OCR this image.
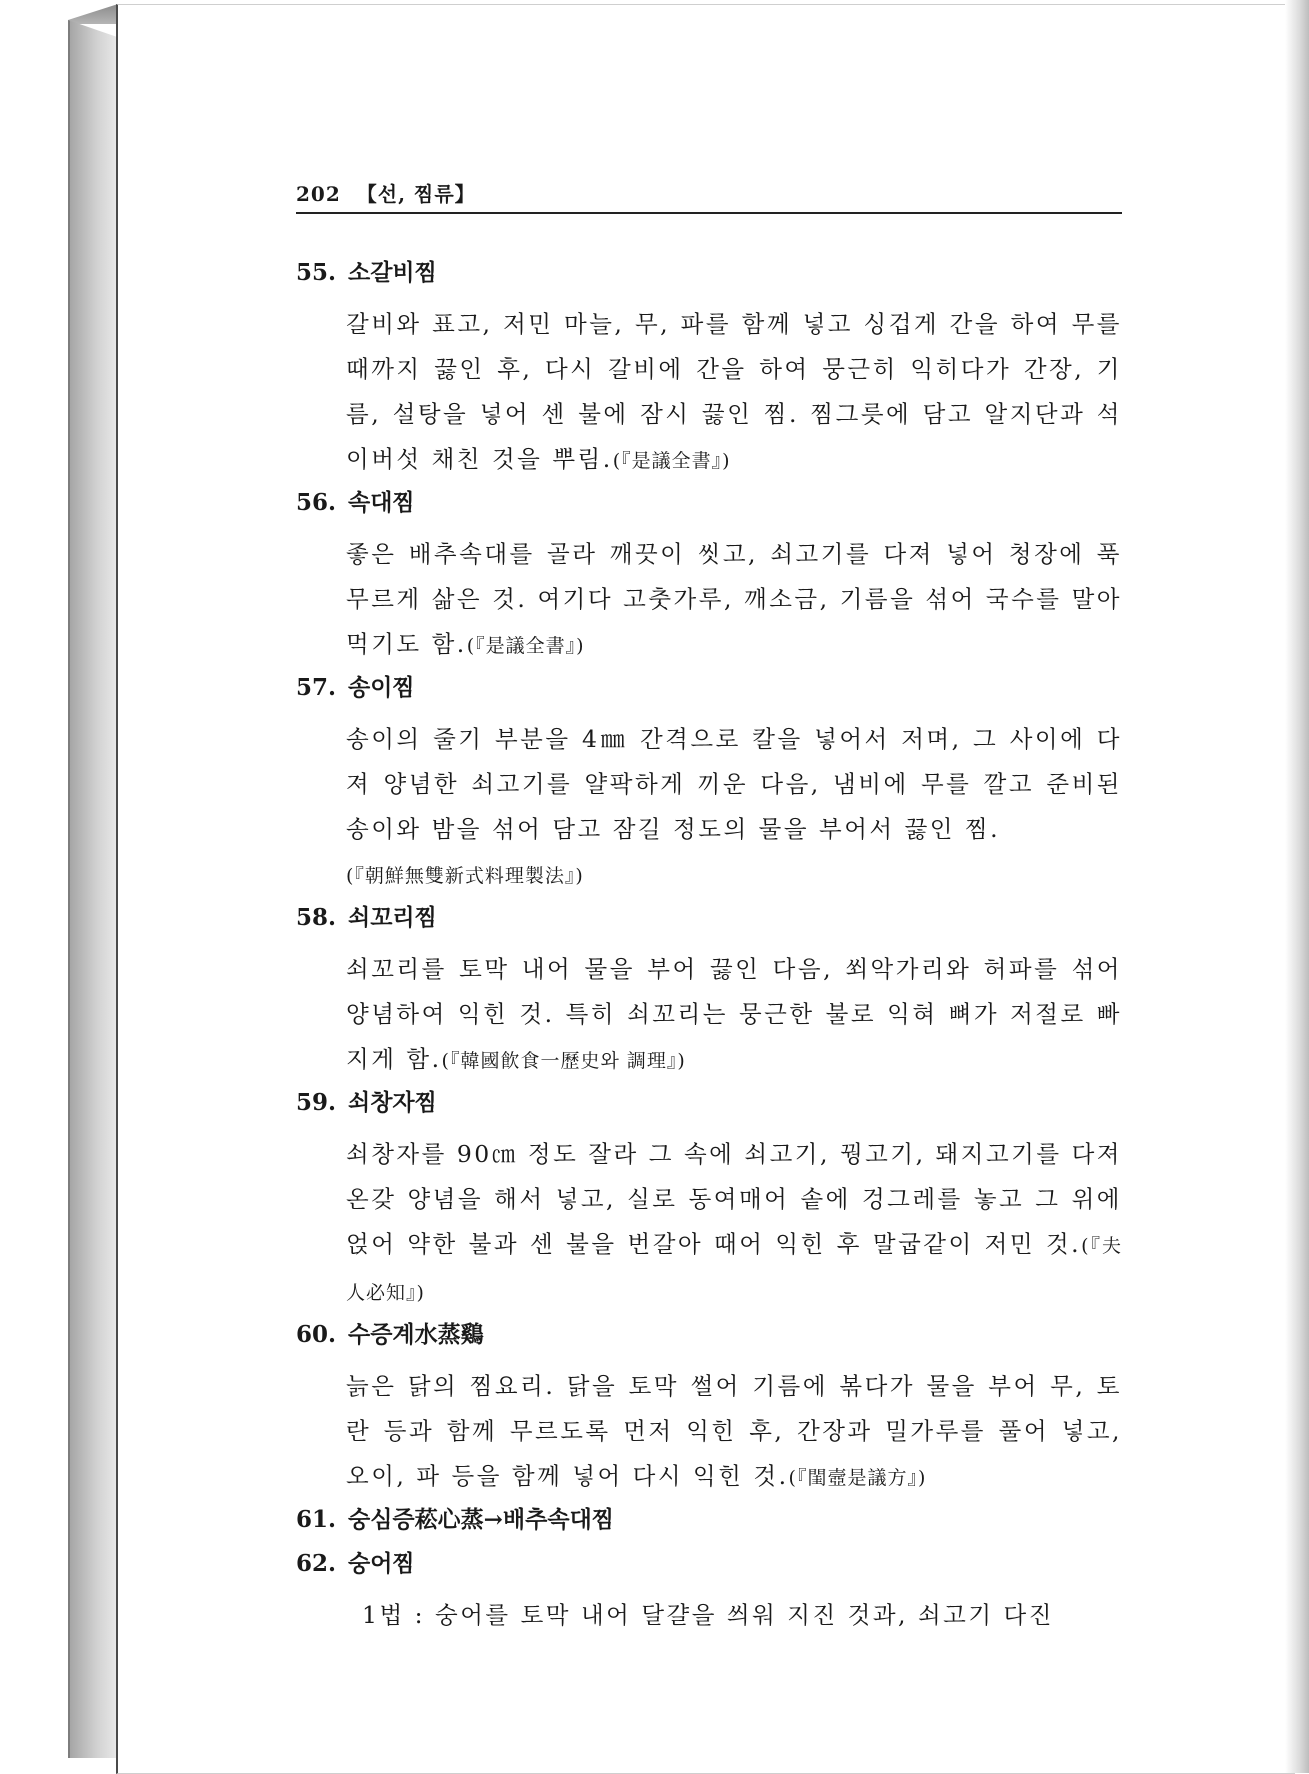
202 【선, 찜류】
55. 소갈비찜
갈비와 표고, 저민 마늘, 무, 파를 함께 넣고 싱겁게 간을 하여 무를 때까지 끓인 후, 다시 갈비에 간을 하여 뭉근히 익히다가 간장, 기름, 설탕을 넣어 센 불에 잠시 끓인 찜. 찜그릇에 담고 알지단과 석이버섯 채친 것을 뿌림.(『是議全書』)
56. 속대찜
좋은 배추속대를 골라 깨끗이 씻고, 쇠고기를 다져 넣어 청장에 푹 무르게 삶은 것. 여기다 고춧가루, 깨소금, 기름을 섞어 국수를 말아 먹기도 함.(『是議全書』)
57. 송이찜
송이의 줄기 부분을 4㎜ 간격으로 칼을 넣어서 저며, 그 사이에 다져 양념한 쇠고기를 얄팍하게 끼운 다음, 냄비에 무를 깔고 준비된 송이와 밤을 섞어 담고 잠길 정도의 물을 부어서 끓인 찜.
(『朝鮮無雙新式料理製法』)
58. 쇠꼬리찜
쇠꼬리를 토막 내어 물을 부어 끓인 다음, 쐬악가리와 허파를 섞어 양념하여 익힌 것. 특히 쇠꼬리는 뭉근한 불로 익혀 뼈가 저절로 빠지게 함.(『韓國飮食一歷史와 調理』)
59. 쇠창자찜
쇠창자를 90㎝ 정도 잘라 그 속에 쇠고기, 꿩고기, 돼지고기를 다져 온갖 양념을 해서 넣고, 실로 동여매어 솥에 겅그레를 놓고 그 위에 얹어 약한 불과 센 불을 번갈아 때어 익힌 후 말굽같이 저민 것.(『夫人必知』)
60. 수증계水蒸鷄
늙은 닭의 찜요리. 닭을 토막 썰어 기름에 볶다가 물을 부어 무, 토란 등과 함께 무르도록 먼저 익힌 후, 간장과 밀가루를 풀어 넣고, 오이, 파 등을 함께 넣어 다시 익힌 것.(『閨壼是議方』)
61. 숭심증菘心蒸→배추속대찜
62. 숭어찜
1법 : 숭어를 토막 내어 달걀을 씌워 지진 것과, 쇠고기 다진
